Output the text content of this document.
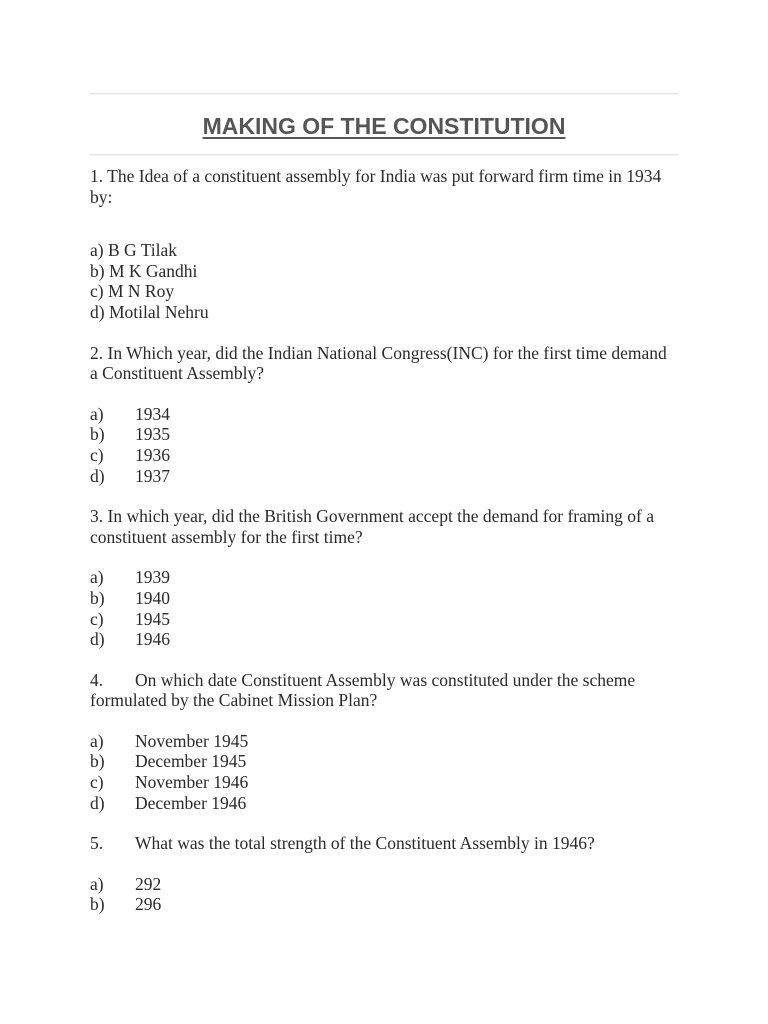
MAKING OF THE CONSTITUTION

1. The Idea of a constituent assembly for India was put forward firm time in 1934 by:

a) B G Tilak

b) M K Gandhi

c) M N Roy

d) Motilal Nehru

2. In Which year, did the Indian National Congress(INC) for the first time demand a Constituent Assembly?

a) 1934

b) 1935

c) 1936

d) 1937

3. In which year, did the British Government accept the demand for framing of a constituent assembly for the first time?

a) 1939

b) 1940

c) 1945

d) 1946

4. On which date Constituent Assembly was constituted under the scheme formulated by the Cabinet Mission Plan?

a) November 1945

b) December 1945

c) November 1946

d) December 1946

5. What was the total strength of the Constituent Assembly in 1946?

a) 292

b) 296
